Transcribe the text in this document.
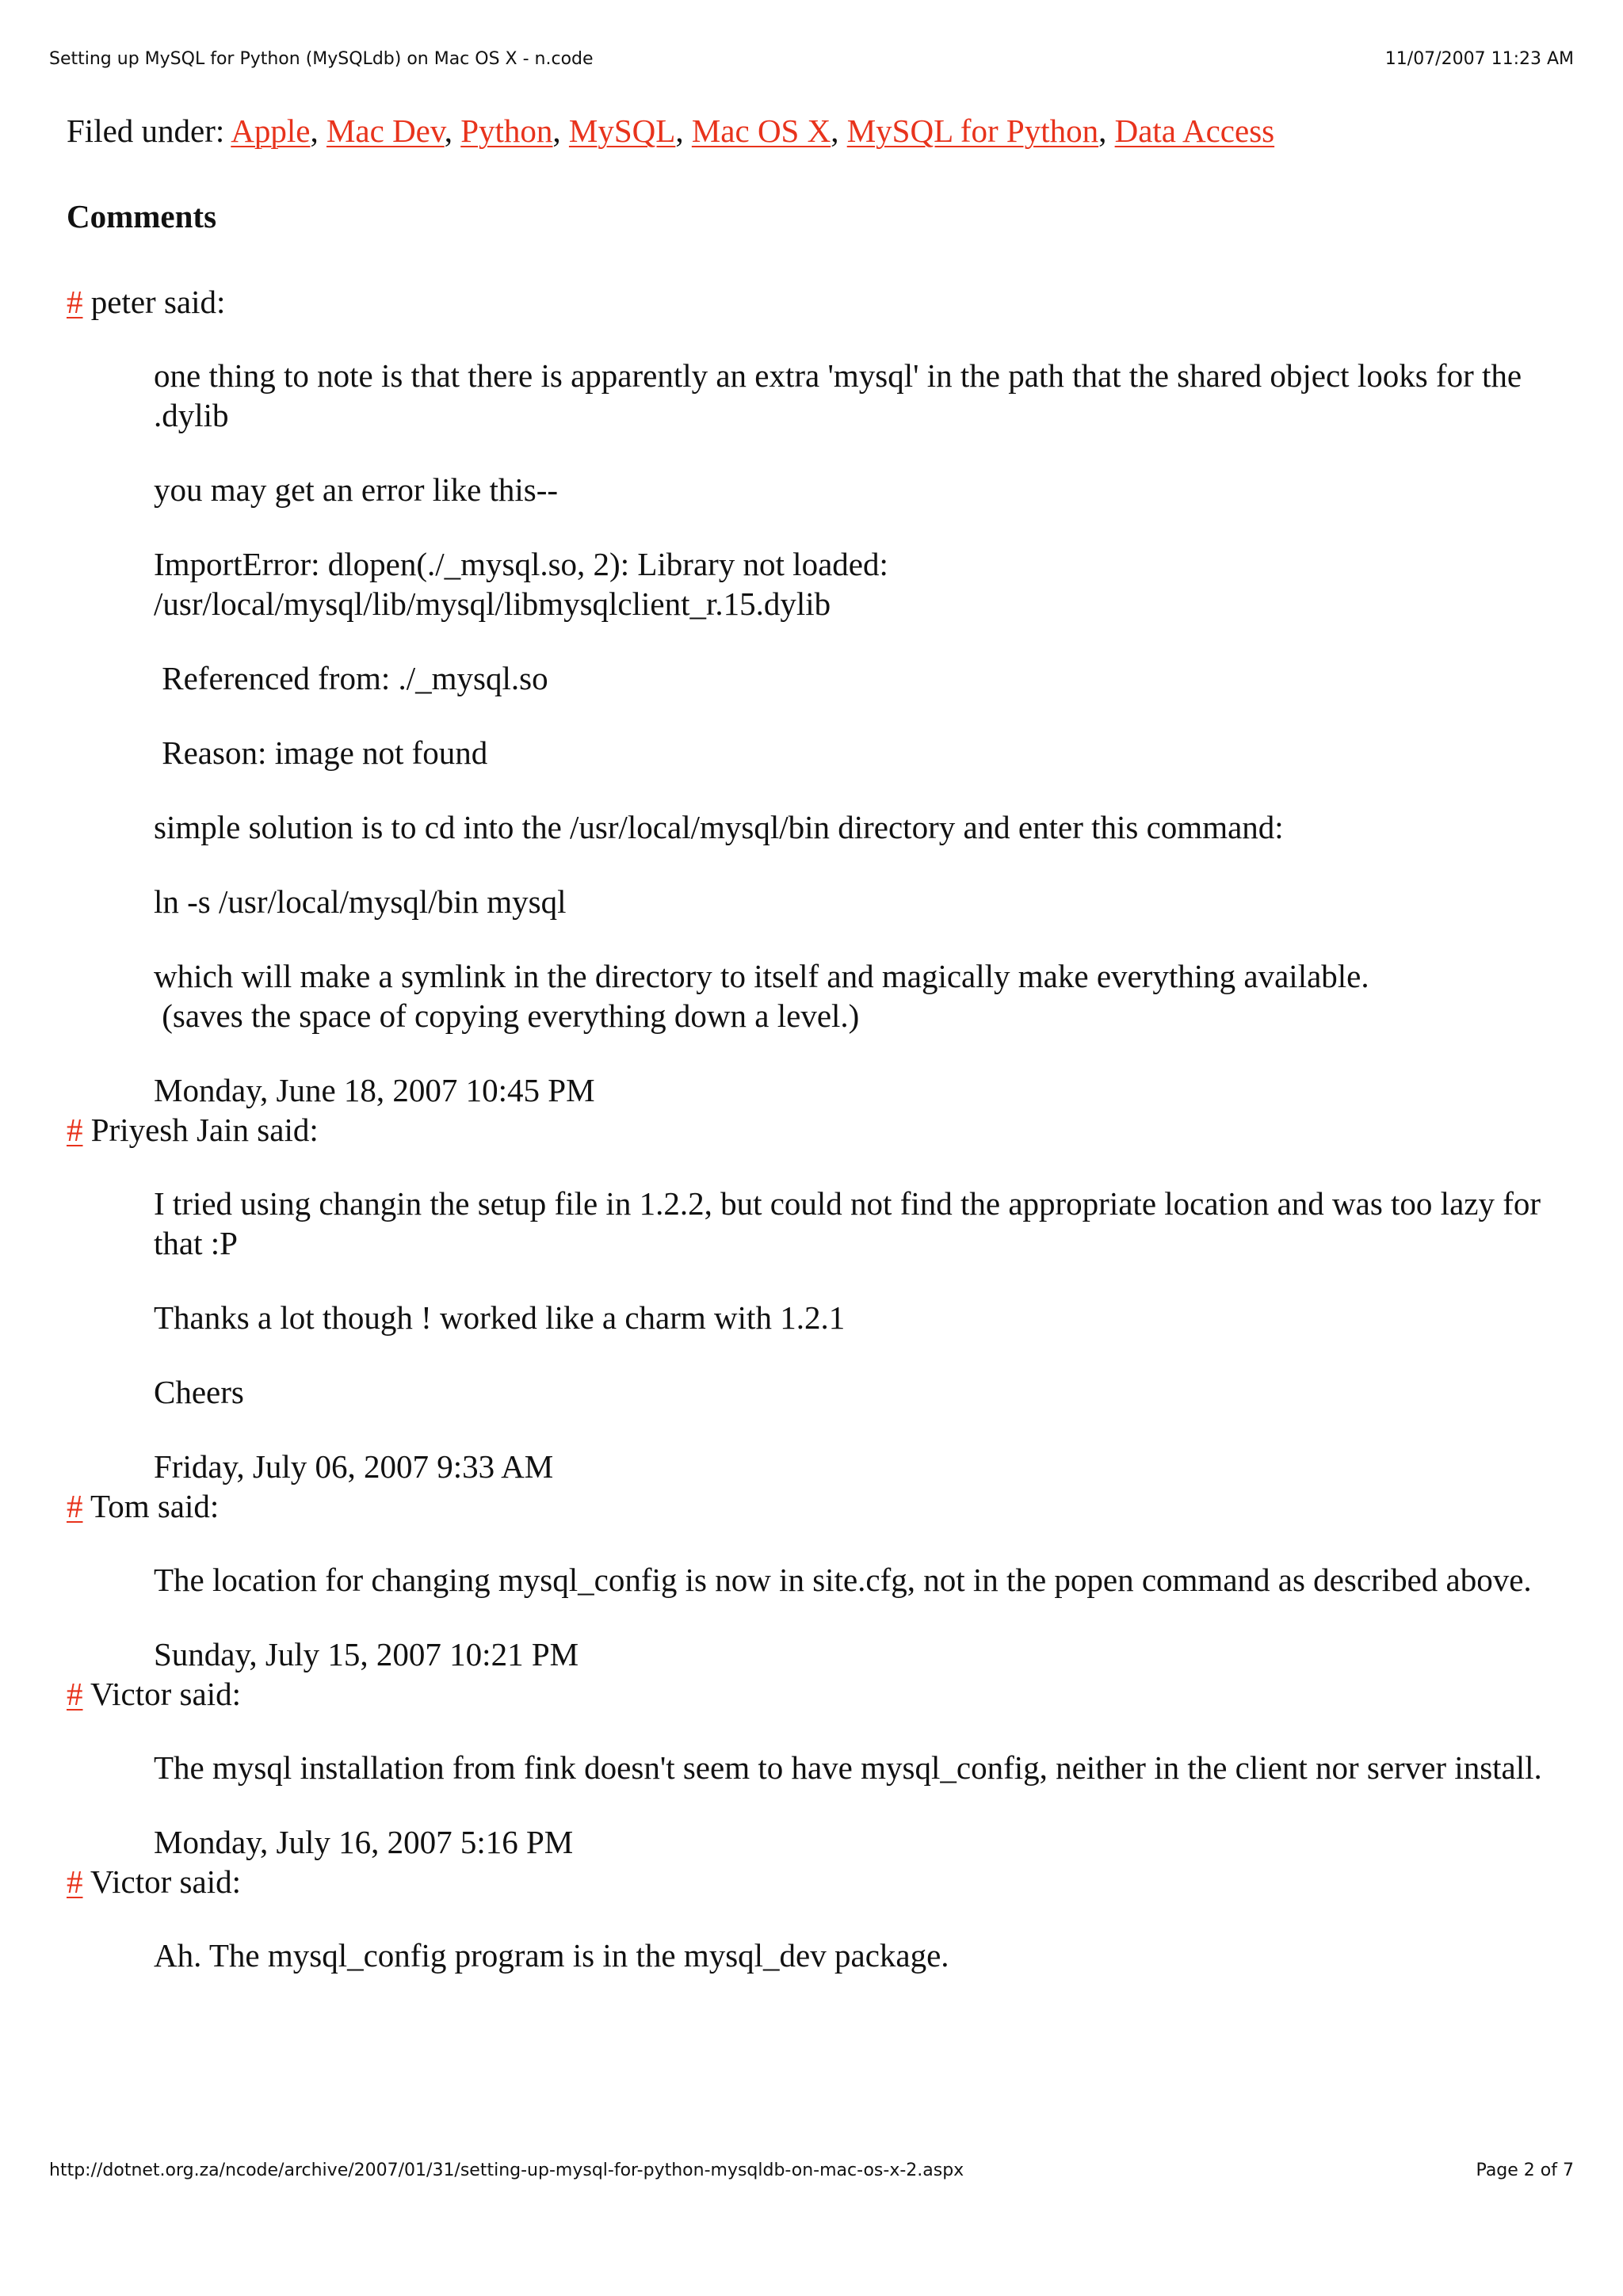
Setting up MySQL for Python (MySQLdb) on Mac OS X - n.code	11/07/2007 11:23 AM
Filed under: Apple, Mac Dev, Python, MySQL, Mac OS X, MySQL for Python, Data Access
Comments
# peter said:

one thing to note is that there is apparently an extra 'mysql' in the path that the shared object looks for the .dylib

you may get an error like this--

ImportError: dlopen(./_mysql.so, 2): Library not loaded:
/usr/local/mysql/lib/mysql/libmysqlclient_r.15.dylib

Referenced from: ./_mysql.so

Reason: image not found

simple solution is to cd into the /usr/local/mysql/bin directory and enter this command:

ln -s /usr/local/mysql/bin mysql

which will make a symlink in the directory to itself and magically make everything available.
(saves the space of copying everything down a level.)

Monday, June 18, 2007 10:45 PM

# Priyesh Jain said:

I tried using changin the setup file in 1.2.2, but could not find the appropriate location and was too lazy for that :P

Thanks a lot though ! worked like a charm with 1.2.1

Cheers

Friday, July 06, 2007 9:33 AM

# Tom said:

The location for changing mysql_config is now in site.cfg, not in the popen command as described above.

Sunday, July 15, 2007 10:21 PM

# Victor said:

The mysql installation from fink doesn't seem to have mysql_config, neither in the client nor server install.

Monday, July 16, 2007 5:16 PM

# Victor said:

Ah. The mysql_config program is in the mysql_dev package.

http://dotnet.org.za/ncode/archive/2007/01/31/setting-up-mysql-for-python-mysqldb-on-mac-os-x-2.aspx	Page 2 of 7
